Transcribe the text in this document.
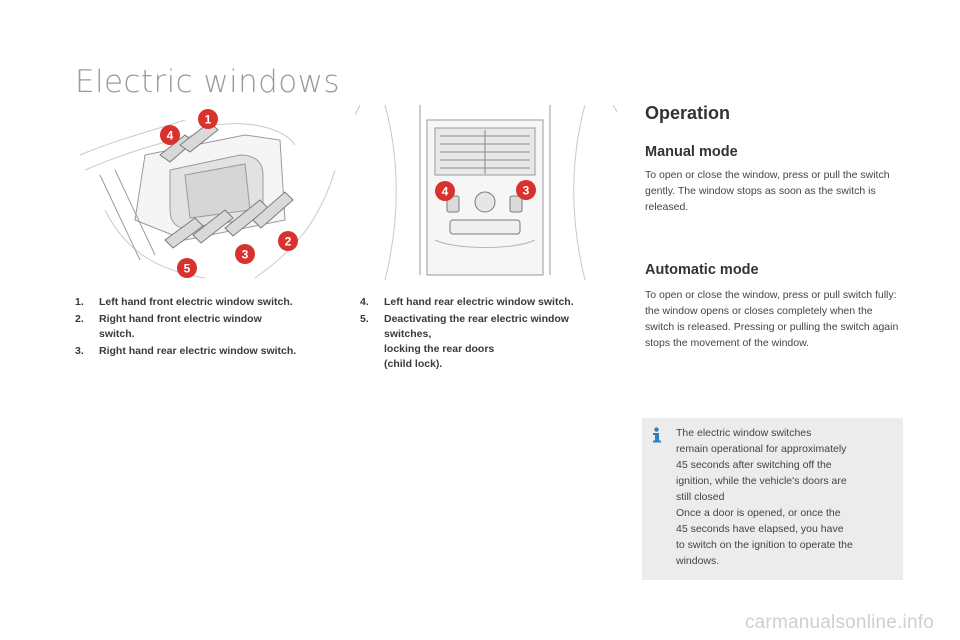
Electric windows
1
4
2
3
5
4	3
1. Left hand front electric window switch.
2. Right hand front electric window
switch.
3. Right hand rear electric window switch.
4. Left hand rear electric window switch.
5. Deactivating the rear electric window
switches,
locking the rear doors
(child lock).
Operation
Manual mode

To open or close the window, press or pull the switch gently. The window stops as soon as the switch is released.

Automatic mode

To open or close the window, press or pull switch fully: the window opens or closes completely when the switch is released. Pressing or pulling the switch again stops the movement of the window.

The electric window switches
remain operational for approximately
45 seconds after switching off the
ignition, while the vehicle's doors are
still closed
Once a door is opened, or once the
45 seconds have elapsed, you have
to switch on the ignition to operate the
windows.

carmanualsonline.info
